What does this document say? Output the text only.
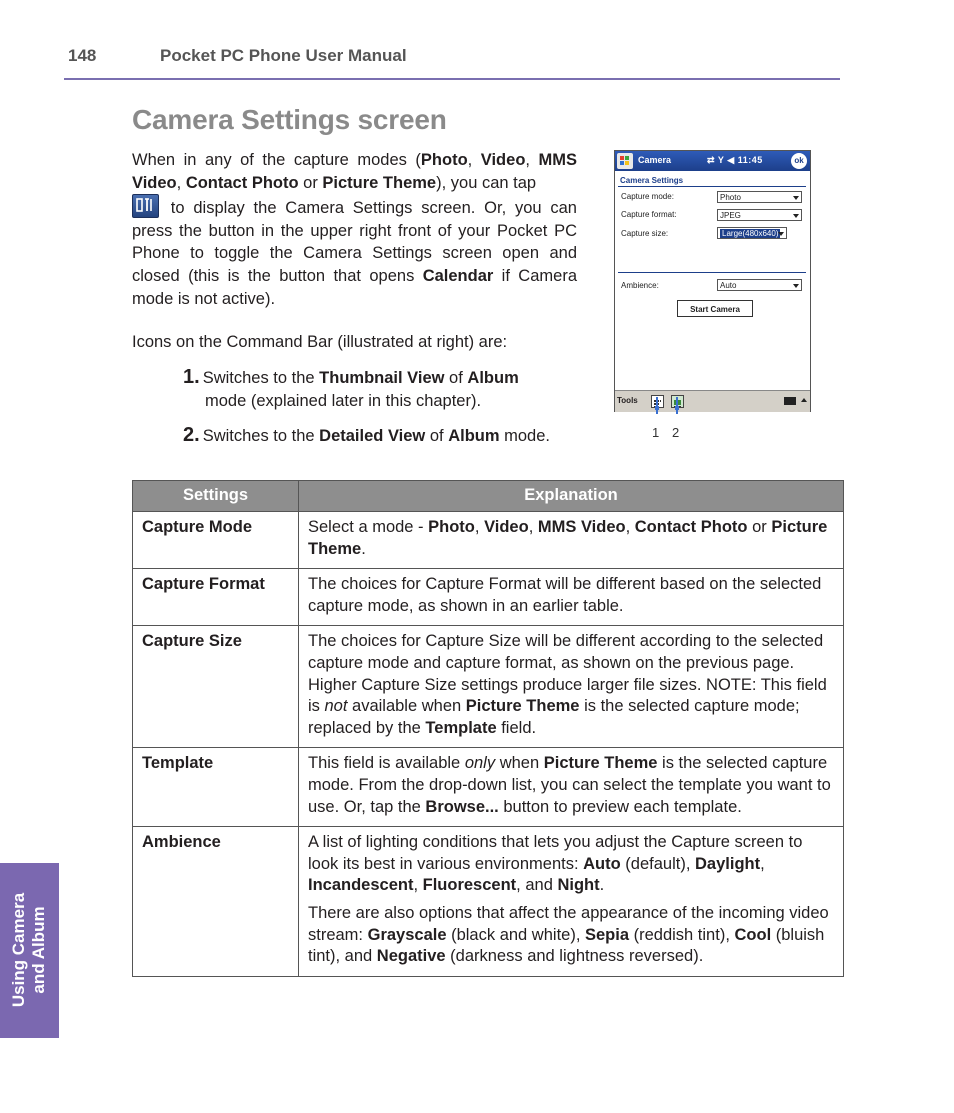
148	Pocket PC Phone User Manual
Using Camera and Album
Camera Settings screen
When in any of the capture modes (Photo, Video, MMS Video, Contact Photo or Picture Theme), you can tap

to display the Camera Settings screen. Or, you can press the button in the upper right front of your Pocket PC Phone to toggle the Camera Settings screen open and closed (this is the button that opens Calendar if Camera mode is not active).
Icons on the Command Bar (illustrated at right) are:
1. Switches to the Thumbnail View of Album
mode (explained later in this chapter).
2. Switches to the Detailed View of Album mode.
Camera	⇄ Y ◀ 11:45	ok
Camera Settings
Capture mode:	Photo
Capture format:	JPEG
Capture size:	Large(480x640)
Ambience:	Auto
Start Camera
Tools
1 2
Settings	Explanation
Capture Mode	Select a mode - Photo, Video, MMS Video, Contact Photo or Picture Theme.
Capture Format	The choices for Capture Format will be different based on the selected capture mode, as shown in an earlier table.
Capture Size	The choices for Capture Size will be different according to the selected capture mode and capture format, as shown on the previous page. Higher Capture Size settings produce larger file sizes. NOTE: This field is not available when Picture Theme is the selected capture mode; replaced by the Template field.
Template	This field is available only when Picture Theme is the selected capture mode. From the drop-down list, you can select the template you want to use. Or, tap the Browse... button to preview each template.
Ambience	A list of lighting conditions that lets you adjust the Capture screen to look its best in various environments: Auto (default), Daylight, Incandescent, Fluorescent, and Night.

There are also options that affect the appearance of the incoming video stream: Grayscale (black and white), Sepia (reddish tint), Cool (bluish tint), and Negative (darkness and lightness reversed).
